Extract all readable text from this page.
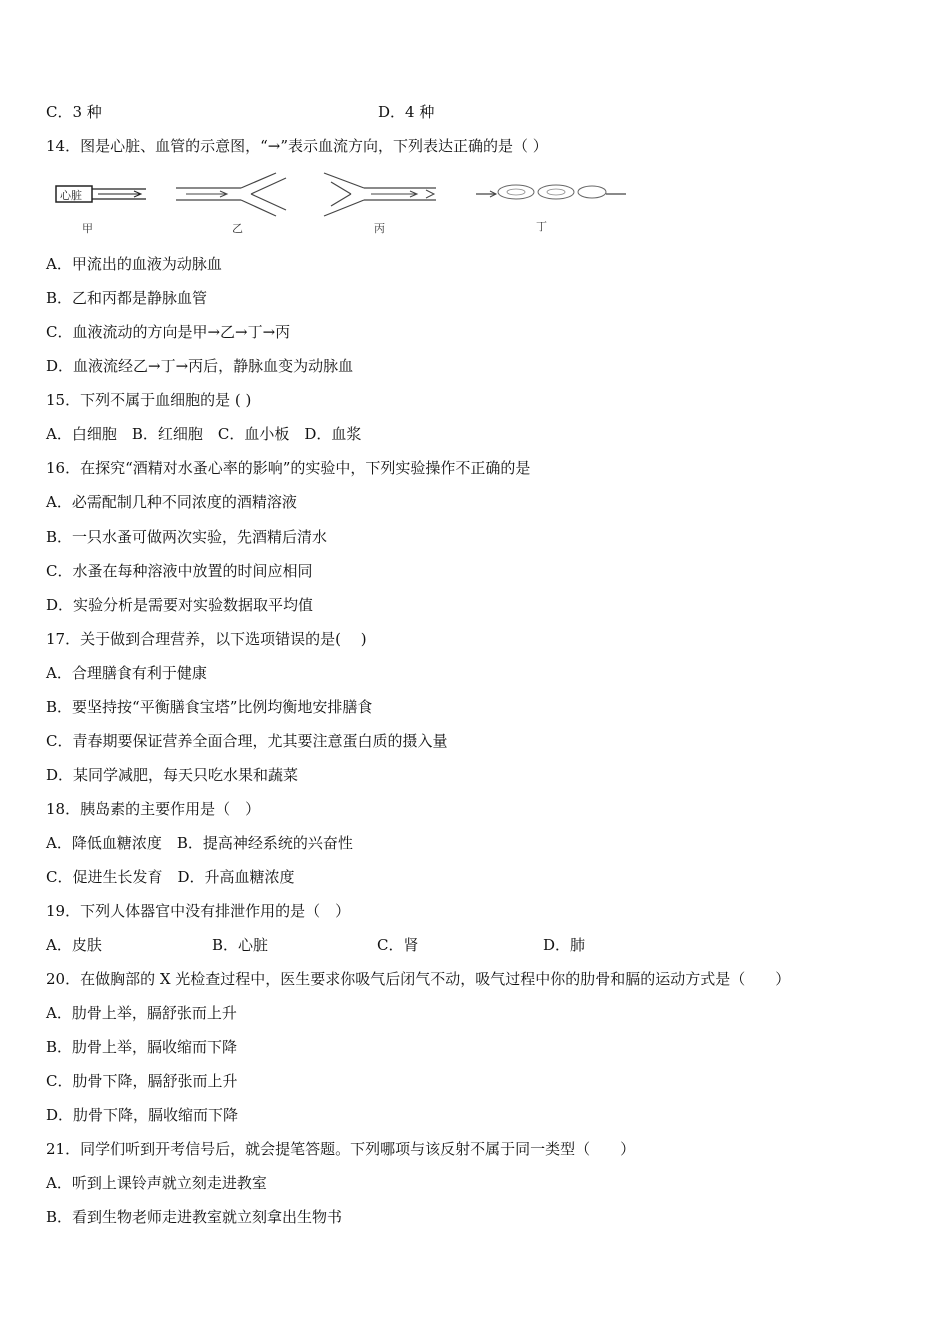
C．3 种	D．4 种
14．图是心脏、血管的示意图，“→”表示血流方向，下列表达正确的是（ ）
心脏
甲	乙	丙	丁
A．甲流出的血液为动脉血
B．乙和丙都是静脉血管
C．血液流动的方向是甲→乙→丁→丙
D．血液流经乙→丁→丙后，静脉血变为动脉血
15．下列不属于血细胞的是 ( )
A．白细胞　B．红细胞　C．血小板　D．血浆
16．在探究“酒精对水蚤心率的影响”的实验中，下列实验操作不正确的是
A．必需配制几种不同浓度的酒精溶液
B．一只水蚤可做两次实验，先酒精后清水
C．水蚤在每种溶液中放置的时间应相同
D．实验分析是需要对实验数据取平均值
17．关于做到合理营养，以下选项错误的是(　 )
A．合理膳食有利于健康
B．要坚持按“平衡膳食宝塔”比例均衡地安排膳食
C．青春期要保证营养全面合理，尤其要注意蛋白质的摄入量
D．某同学减肥，每天只吃水果和蔬菜
18．胰岛素的主要作用是（　）
A．降低血糖浓度　B．提高神经系统的兴奋性
C．促进生长发育　D．升高血糖浓度
19．下列人体器官中没有排泄作用的是（　）
A．皮肤	B．心脏	C．肾	D．肺
20．在做胸部的 X 光检查过程中，医生要求你吸气后闭气不动，吸气过程中你的肋骨和膈的运动方式是（　　）
A．肋骨上举，膈舒张而上升
B．肋骨上举，膈收缩而下降
C．肋骨下降，膈舒张而上升
D．肋骨下降，膈收缩而下降
21．同学们听到开考信号后，就会提笔答题。下列哪项与该反射不属于同一类型（　　）
A．听到上课铃声就立刻走进教室
B．看到生物老师走进教室就立刻拿出生物书
